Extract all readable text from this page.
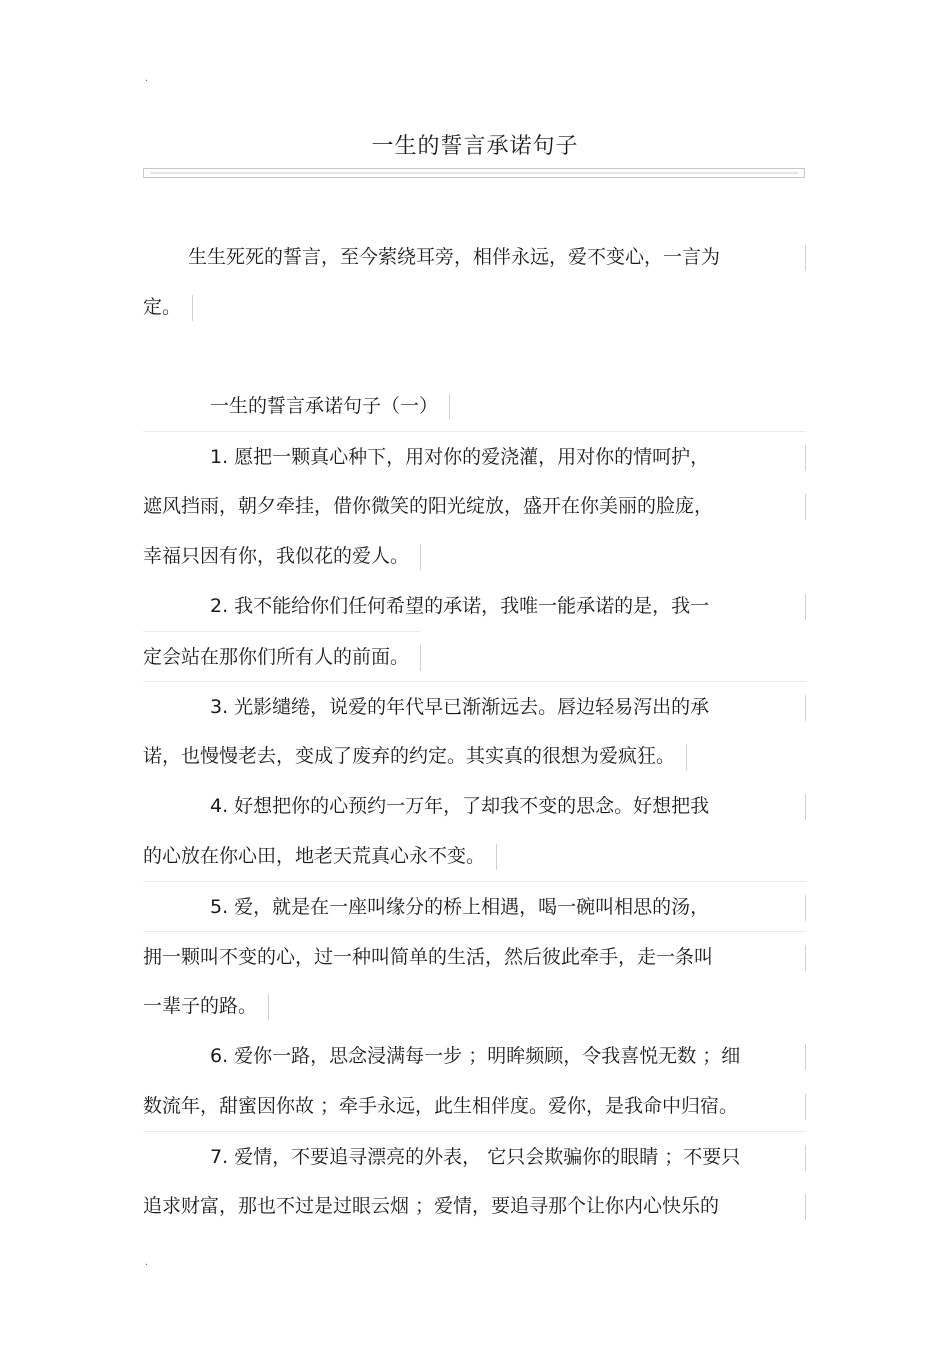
.
一生的誓言承诺句子
生生死死的誓言，至今萦绕耳旁，相伴永远，爱不变心，一言为
定。
一生的誓言承诺句子（一）
1. 愿把一颗真心种下，用对你的爱浇灌，用对你的情呵护，
遮风挡雨，朝夕牵挂，借你微笑的阳光绽放，盛开在你美丽的脸庞，
幸福只因有你，我似花的爱人。
2. 我不能给你们任何希望的承诺，我唯一能承诺的是，我一
定会站在那你们所有人的前面。
3. 光影缱绻，说爱的年代早已渐渐远去。唇边轻易泻出的承
诺，也慢慢老去，变成了废弃的约定。其实真的很想为爱疯狂。
4. 好想把你的心预约一万年，了却我不变的思念。好想把我
的心放在你心田，地老天荒真心永不变。
5. 爱，就是在一座叫缘分的桥上相遇，喝一碗叫相思的汤，
拥一颗叫不变的心，过一种叫简单的生活，然后彼此牵手，走一条叫
一辈子的路。
6. 爱你一路，思念浸满每一步 ；明眸频顾，令我喜悦无数 ；细
数流年，甜蜜因你故 ；牵手永远，此生相伴度。爱你，是我命中归宿。
7. 爱情，不要追寻漂亮的外表， 它只会欺骗你的眼睛 ；不要只
追求财富，那也不过是过眼云烟 ；爱情，要追寻那个让你内心快乐的
.
